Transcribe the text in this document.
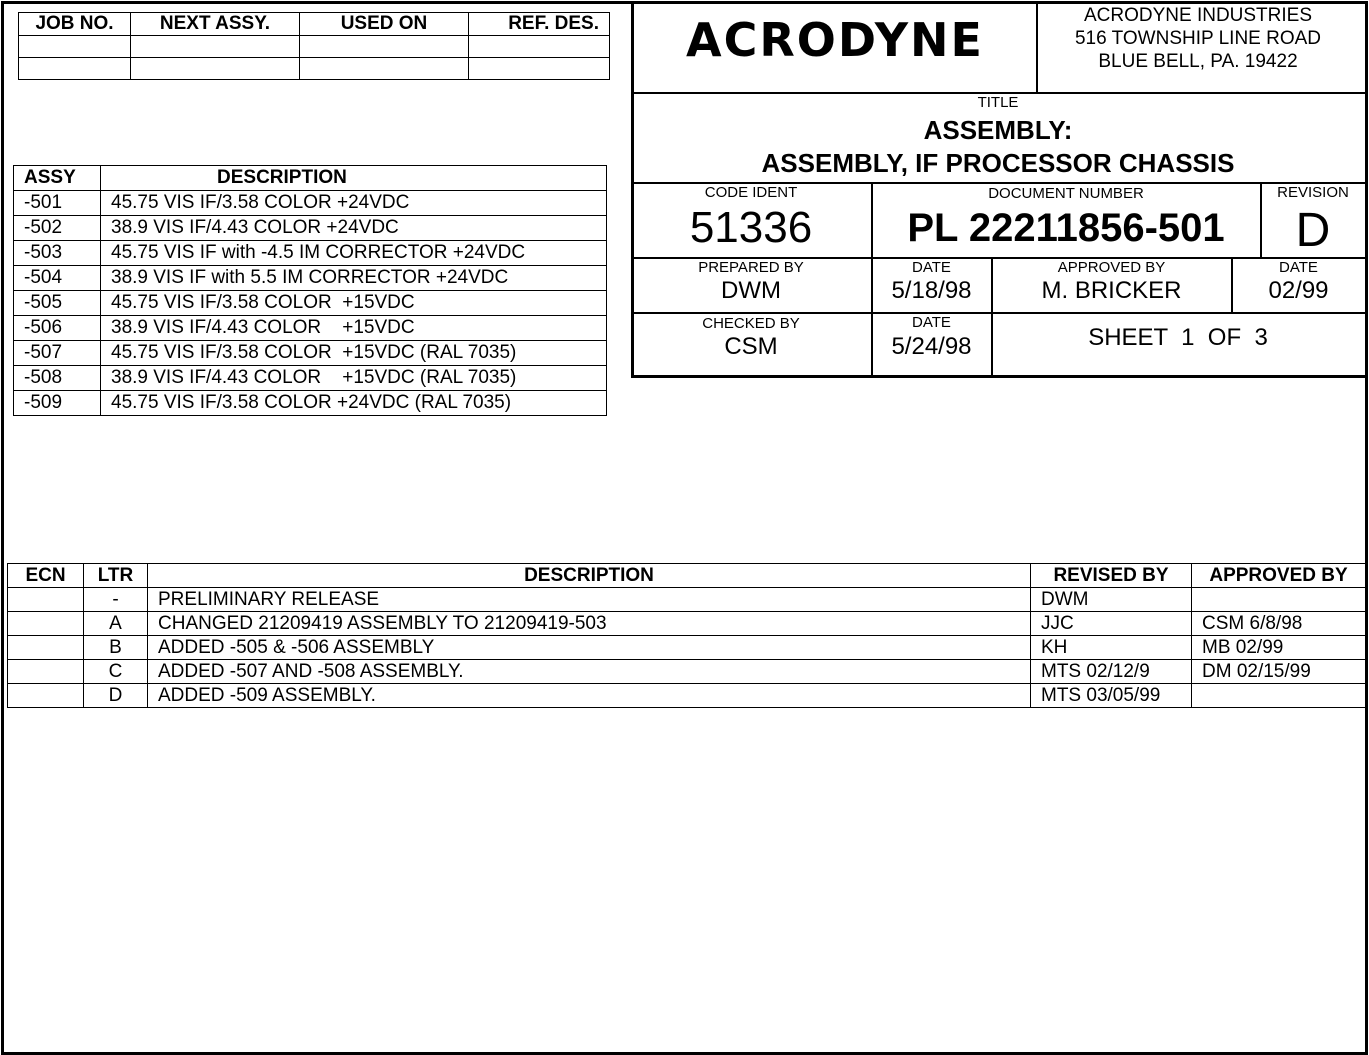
JOB NO.	NEXT ASSY.	USED ON	REF. DES.

ASSY	DESCRIPTION
-501	45.75 VIS IF/3.58 COLOR +24VDC
-502	38.9 VIS IF/4.43 COLOR +24VDC
-503	45.75 VIS IF with -4.5 IM CORRECTOR +24VDC
-504	38.9 VIS IF with 5.5 IM CORRECTOR +24VDC
-505	45.75 VIS IF/3.58 COLOR  +15VDC
-506	38.9 VIS IF/4.43 COLOR    +15VDC
-507	45.75 VIS IF/3.58 COLOR  +15VDC (RAL 7035)
-508	38.9 VIS IF/4.43 COLOR    +15VDC (RAL 7035)
-509	45.75 VIS IF/3.58 COLOR +24VDC (RAL 7035)
ACRODYNE	ACRODYNE INDUSTRIES
516 TOWNSHIP LINE ROAD
BLUE BELL, PA. 19422
TITLE
ASSEMBLY:
ASSEMBLY, IF PROCESSOR CHASSIS
CODE IDENT
51336
DOCUMENT NUMBER
PL 22211856-501
REVISION
D
PREPARED BY
DWM
DATE
5/18/98
APPROVED BY
M. BRICKER
DATE
02/99
CHECKED BY
CSM
DATE
5/24/98	SHEET  1  OF  3
ECN	LTR	DESCRIPTION	REVISED BY	APPROVED BY
	-	PRELIMINARY RELEASE	DWM	
	A	CHANGED 21209419 ASSEMBLY TO 21209419-503	JJC	CSM 6/8/98
	B	ADDED -505 & -506 ASSEMBLY	KH	MB 02/99
	C	ADDED -507 AND -508 ASSEMBLY.	MTS 02/12/9	DM 02/15/99
	D	ADDED -509 ASSEMBLY.	MTS 03/05/99	
